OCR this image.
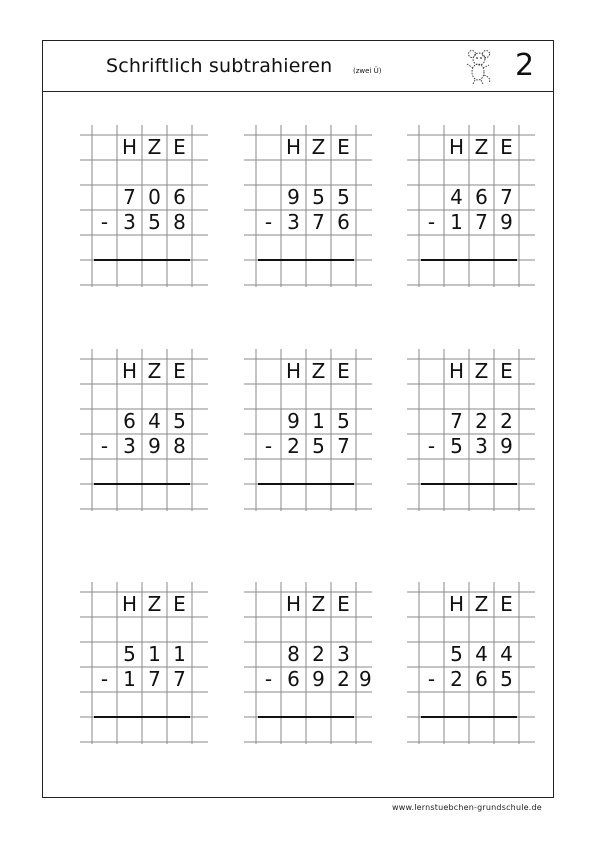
Schriftlich subtrahieren	(zwei Ü)	2
H Z E
7 0 6
- 3 5 8
H Z E
9 5 5
- 3 7 6
H Z E
4 6 7
- 1 7 9
H Z E
6 4 5
- 3 9 8
H Z E
9 1 5
- 2 5 7
H Z E
7 2 2
- 5 3 9
H Z E
5 1 1
- 1 7 7
H Z E
8 2 3
- 6 9 2 9
H Z E
5 4 4
- 2 6 5
www.lernstuebchen-grundschule.de
